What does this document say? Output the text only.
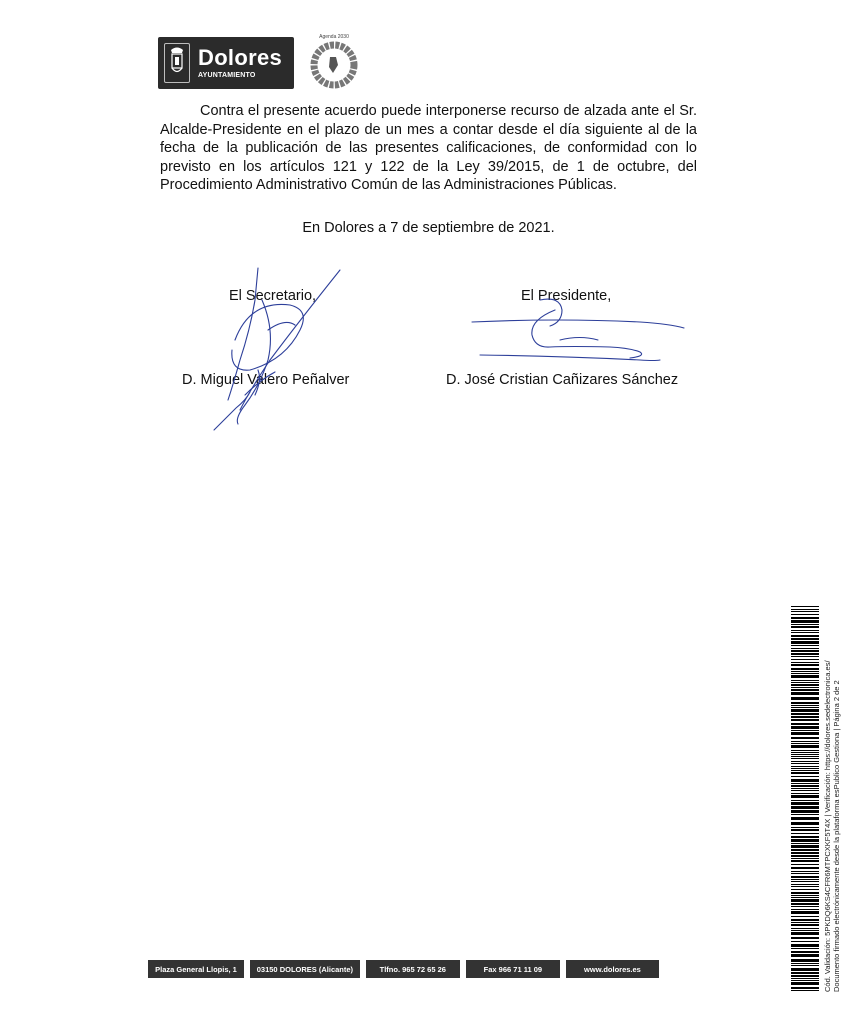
Dolores
AYUNTAMIENTO
Agenda 2030

Contra el presente acuerdo puede interponerse recurso de alzada ante el Sr. Alcalde-Presidente en el plazo de un mes a contar desde el día siguiente al de la fecha de la publicación de las presentes calificaciones, de conformidad con lo previsto en los artículos 121 y 122 de la Ley 39/2015, de 1 de octubre, del Procedimiento Administrativo Común de las Administraciones Públicas.

En Dolores a 7 de septiembre de 2021.
El Secretario,	El Presidente,
D. Miguel Valero Peñalver	D. José Cristian Cañizares Sánchez
Cód. Validación: 5PKDQ6KS4CFR6MTPCXKF5T4X | Verificación: https://dolores.sedelectronica.es/ Documento firmado electrónicamente desde la plataforma esPublico Gestiona | Página 2 de 2
Plaza General Llopis, 1	03150 DOLORES (Alicante)	Tlfno. 965 72 65 26	Fax 966 71 11 09	www.dolores.es
